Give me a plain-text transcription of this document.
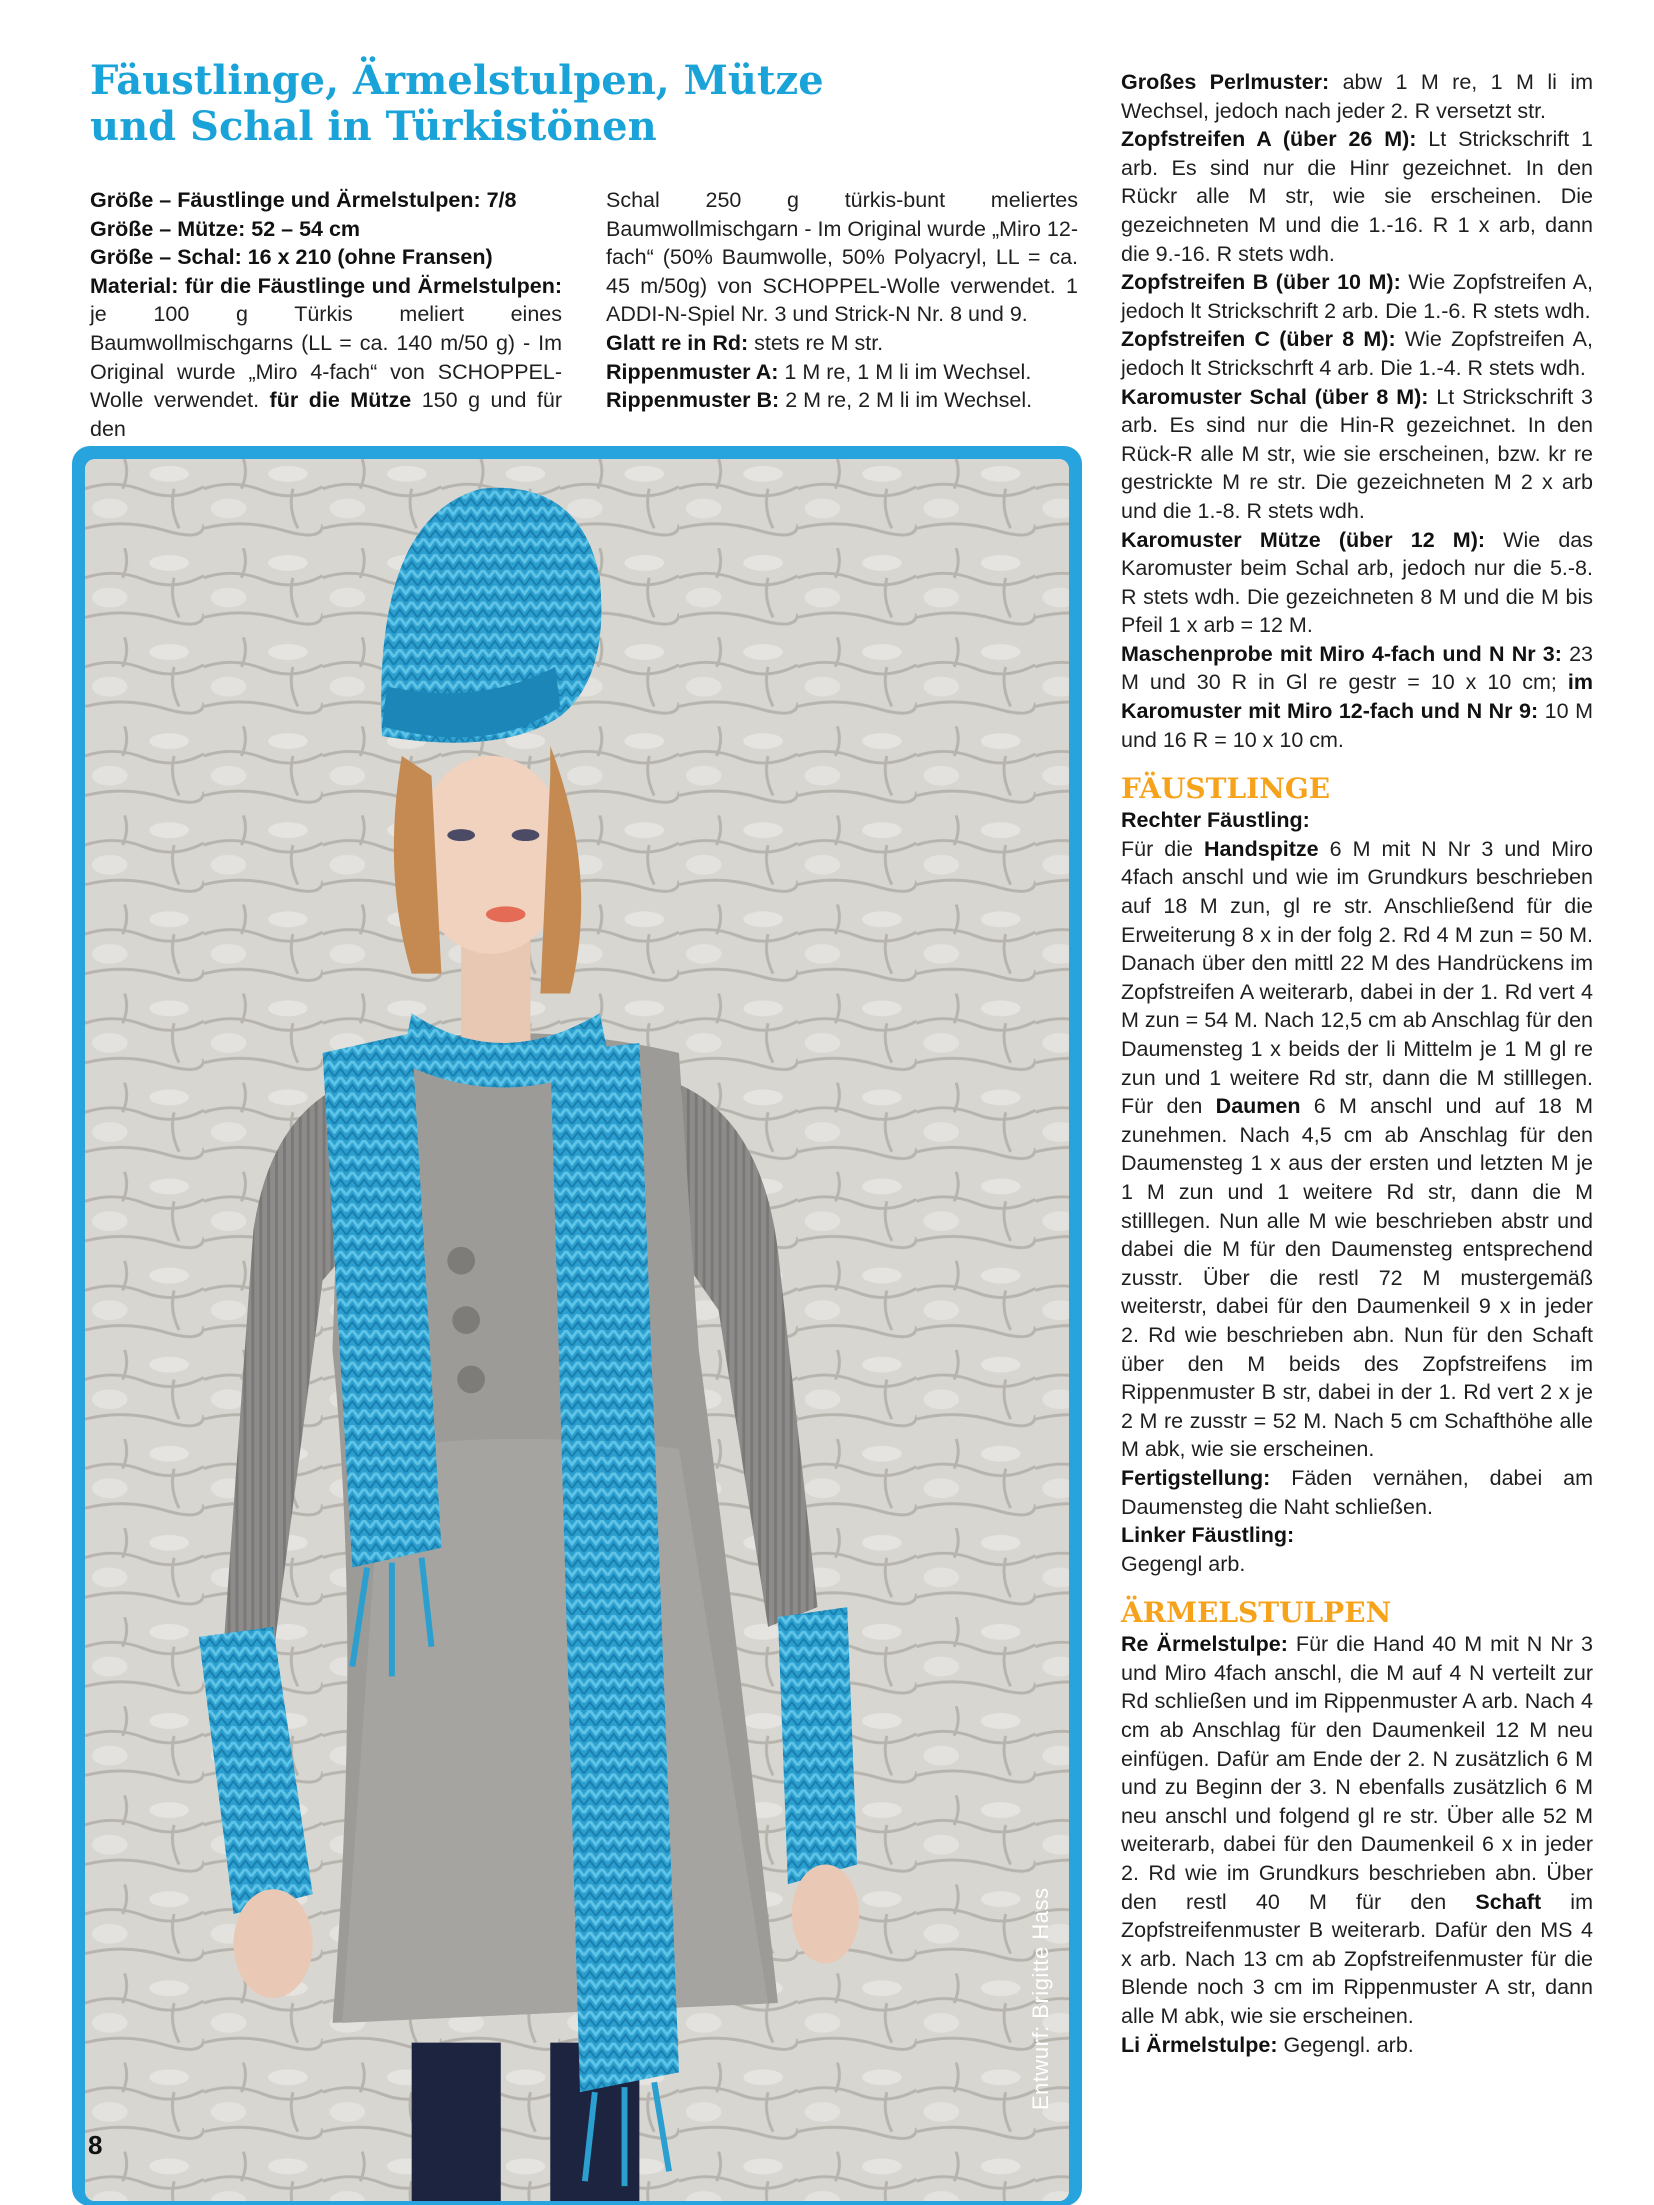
Fäustlinge, Ärmelstulpen, Mütze
und Schal in Türkistönen

Größe – Fäustlinge und Ärmelstulpen: 7/8

Größe – Mütze: 52 – 54 cm

Größe – Schal: 16 x 210 (ohne Fransen)

Material: für die Fäustlinge und Ärmelstulpen: je 100 g Türkis meliert eines Baumwollmischgarns (LL = ca. 140 m/50 g) - Im Original wurde „Miro 4-fach“ von SCHOPPEL-Wolle verwendet. für die Mütze 150 g und für den

Schal 250 g türkis-bunt meliertes Baumwollmischgarn - Im Original wurde „Miro 12-fach“ (50% Baumwolle, 50% Polyacryl, LL = ca. 45 m/50g) von SCHOPPEL-Wolle verwendet. 1 ADDI-N-Spiel Nr. 3 und Strick-N Nr. 8 und 9.

Glatt re in Rd: stets re M str.

Rippenmuster A: 1 M re, 1 M li im Wechsel.

Rippenmuster B: 2 M re, 2 M li im Wechsel.

Großes Perlmuster: abw 1 M re, 1 M li im Wechsel, jedoch nach jeder 2. R versetzt str.

Zopfstreifen A (über 26 M): Lt Strickschrift 1 arb. Es sind nur die Hinr gezeichnet. In den Rückr alle M str, wie sie erscheinen. Die gezeichneten M und die 1.-16. R 1 x arb, dann die 9.-16. R stets wdh.

Zopfstreifen B (über 10 M): Wie Zopfstreifen A, jedoch lt Strickschrift 2 arb. Die 1.-6. R stets wdh.

Zopfstreifen C (über 8 M): Wie Zopfstreifen A, jedoch lt Strickschrft 4 arb. Die 1.-4. R stets wdh.

Karomuster Schal (über 8 M): Lt Strickschrift 3 arb. Es sind nur die Hin-R gezeichnet. In den Rück-R alle M str, wie sie erscheinen, bzw. kr re gestrickte M re str. Die gezeichneten M 2 x arb und die 1.-8. R stets wdh.

Karomuster Mütze (über 12 M): Wie das Karomuster beim Schal arb, jedoch nur die 5.-8. R stets wdh. Die gezeichneten 8 M und die M bis Pfeil 1 x arb = 12 M.

Maschenprobe mit Miro 4-fach und N Nr 3: 23 M und 30 R in Gl re gestr = 10 x 10 cm; im Karomuster mit Miro 12-fach und N Nr 9: 10 M und 16 R = 10 x 10 cm.

FÄUSTLINGE

Rechter Fäustling:

Für die Handspitze 6 M mit N Nr 3 und Miro 4fach anschl und wie im Grundkurs beschrieben auf 18 M zun, gl re str. Anschließend für die Erweiterung 8 x in der folg 2. Rd 4 M zun = 50 M. Danach über den mittl 22 M des Handrückens im Zopfstreifen A weiterarb, dabei in der 1. Rd vert 4 M zun = 54 M. Nach 12,5 cm ab Anschlag für den Daumensteg 1 x beids der li Mittelm je 1 M gl re zun und 1 weitere Rd str, dann die M stilllegen. Für den Daumen 6 M anschl und auf 18 M zunehmen. Nach 4,5 cm ab Anschlag für den Daumensteg 1 x aus der ersten und letzten M je 1 M zun und 1 weitere Rd str, dann die M stilllegen. Nun alle M wie beschrieben abstr und dabei die M für den Daumensteg entsprechend zusstr. Über die restl 72 M mustergemäß weiterstr, dabei für den Daumenkeil 9 x in jeder 2. Rd wie beschrieben abn. Nun für den Schaft über den M beids des Zopfstreifens im Rippenmuster B str, dabei in der 1. Rd vert 2 x je 2 M re zusstr = 52 M. Nach 5 cm Schafthöhe alle M abk, wie sie erscheinen.

Fertigstellung: Fäden vernähen, dabei am Daumensteg die Naht schließen.

Linker Fäustling:

Gegengl arb.

ÄRMELSTULPEN

Re Ärmelstulpe: Für die Hand 40 M mit N Nr 3 und Miro 4fach anschl, die M auf 4 N verteilt zur Rd schließen und im Rippenmuster A arb. Nach 4 cm ab Anschlag für den Daumenkeil 12 M neu einfügen. Dafür am Ende der 2. N zusätzlich 6 M und zu Beginn der 3. N ebenfalls zusätzlich 6 M neu anschl und folgend gl re str. Über alle 52 M weiterarb, dabei für den Daumenkeil 6 x in jeder 2. Rd wie im Grundkurs beschrieben abn. Über den restl 40 M für den Schaft im Zopfstreifenmuster B weiterarb. Dafür den MS 4 x arb. Nach 13 cm ab Zopfstreifenmuster für die Blende noch 3 cm im Rippenmuster A str, dann alle M abk, wie sie erscheinen.

Li Ärmelstulpe: Gegengl. arb.

Entwurf: Brigitte Hass
8
